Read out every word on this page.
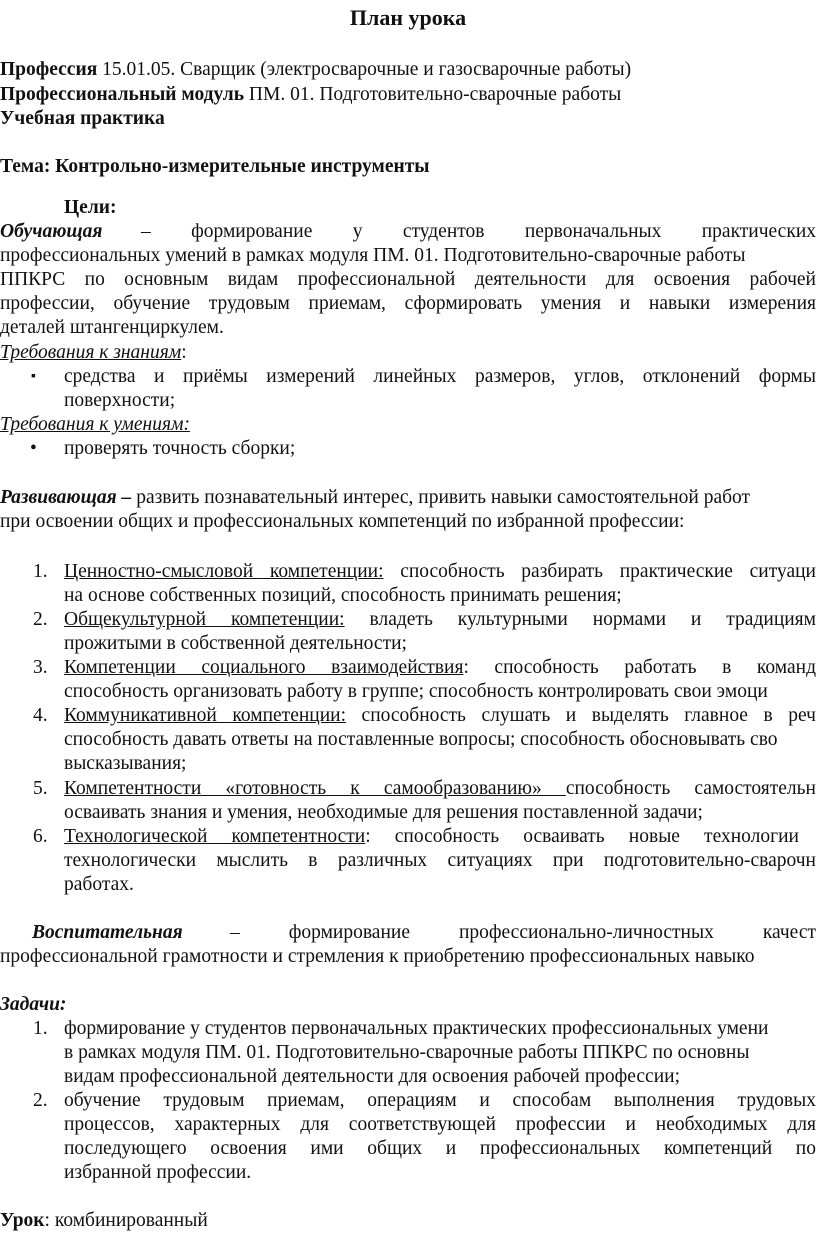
План урока
Профессия 15.01.05. Сварщик (электросварочные и газосварочные работы)
Профессиональный модуль ПМ. 01. Подготовительно-сварочные работы
Учебная практика
Тема: Контрольно-измерительные инструменты
Цели:
Обучающая – формирование у студентов первоначальных практических
профессиональных умений в рамках модуля ПМ. 01. Подготовительно-сварочные работы
ППКРС по основным видам профессиональной деятельности для освоения рабочей
профессии, обучение трудовым приемам, сформировать умения и навыки измерения
деталей штангенциркулем.
Требования к знаниям:
▪ средства и приёмы измерений линейных размеров, углов, отклонений формы
поверхности;
Требования к умениям:
• проверять точность сборки;
Развивающая – развить познавательный интерес, привить навыки самостоятельной работ
при освоении общих и профессиональных компетенций по избранной профессии:
1. Ценностно-смысловой компетенции: способность разбирать практические ситуаци
на основе собственных позиций, способность принимать решения;
2. Общекультурной компетенции: владеть культурными нормами и традициям
прожитыми в собственной деятельности;
3. Компетенции социального взаимодействия: способность работать в команд
способность организовать работу в группе; способность контролировать свои эмоци
4. Коммуникативной компетенции: способность слушать и выделять главное в реч
способность давать ответы на поставленные вопросы; способность обосновывать сво
высказывания;
5. Компетентности «готовность к самообразованию» способность самостоятельн
осваивать знания и умения, необходимые для решения поставленной задачи;
6. Технологической компетентности: способность осваивать новые технологии
технологически мыслить в различных ситуациях при подготовительно-сварочн
работах.
Воспитательная – формирование профессионально-личностных качест
профессиональной грамотности и стремления к приобретению профессиональных навыко
Задачи:
1. формирование у студентов первоначальных практических профессиональных умени
в рамках модуля ПМ. 01. Подготовительно-сварочные работы ППКРС по основны
видам профессиональной деятельности для освоения рабочей профессии;
2. обучение трудовым приемам, операциям и способам выполнения трудовых
процессов, характерных для соответствующей профессии и необходимых для
последующего освоения ими общих и профессиональных компетенций по
избранной профессии.
Урок: комбинированный
